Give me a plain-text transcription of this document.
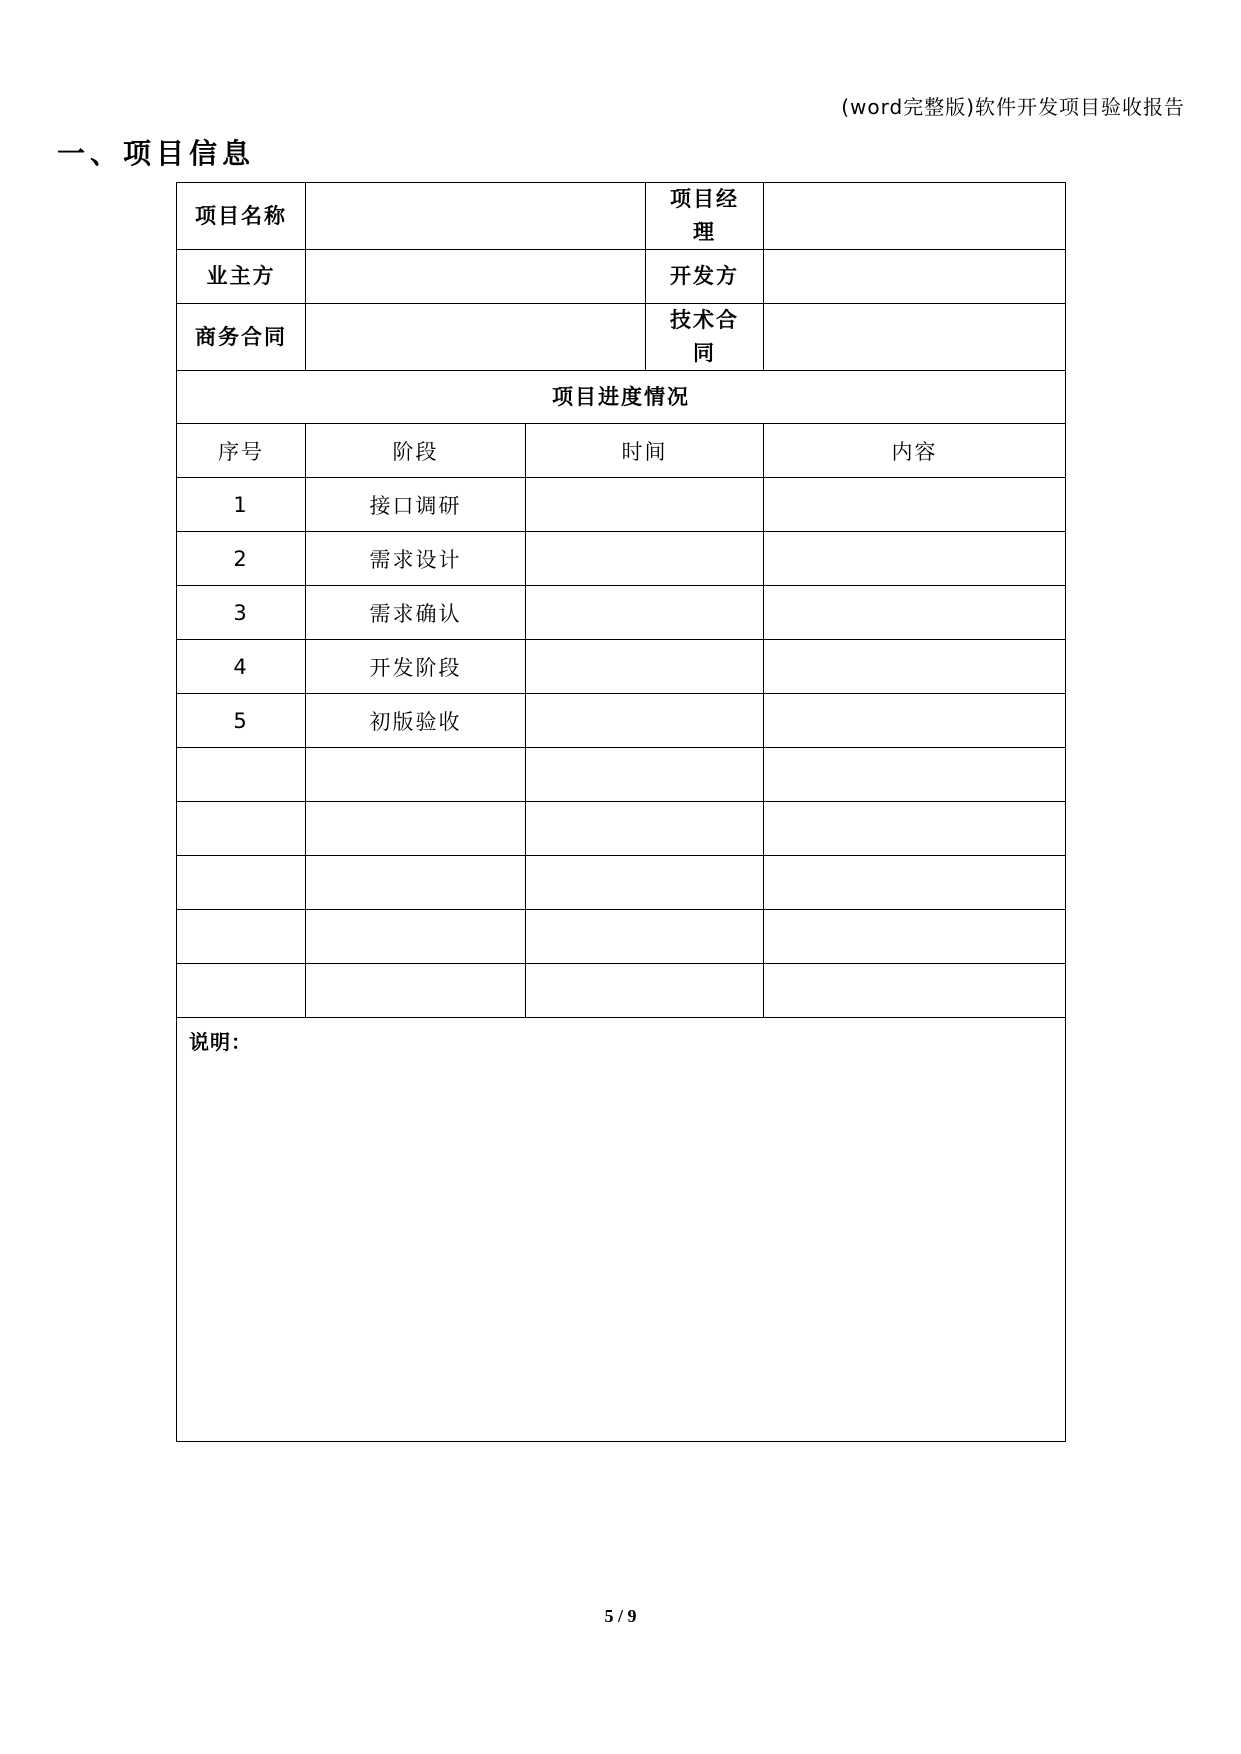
(word完整版)软件开发项目验收报告
一、项目信息
项目名称			项目经理	

业主方			开发方	
商务合同			技术合同	

项目进度情况				
序号	阶段	时间		内容
1	接口调研			
2	需求设计			
3	需求确认			
4	开发阶段			
5	初版验收			

说明：				
5 / 9
